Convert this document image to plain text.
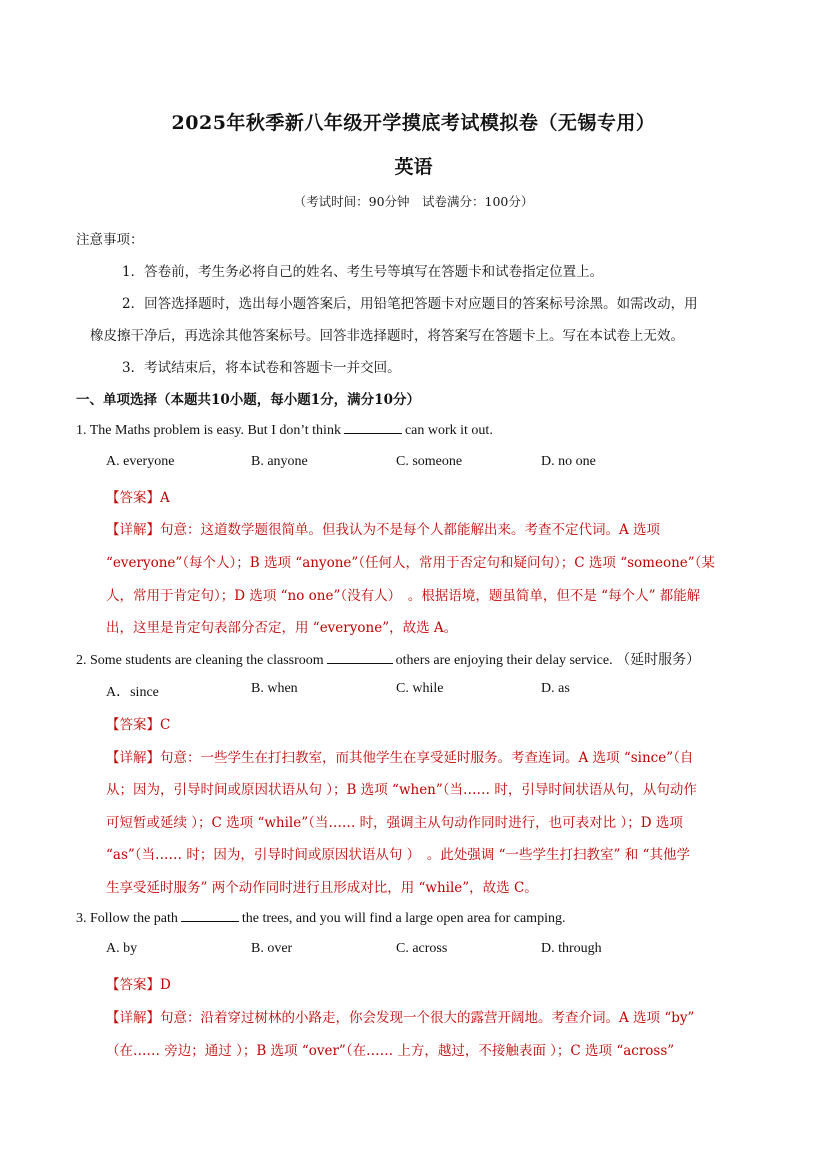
2025年秋季新八年级开学摸底考试模拟卷（无锡专用）
英语
（考试时间：90分钟　试卷满分：100分）
注意事项：
1．答卷前，考生务必将自己的姓名、考生号等填写在答题卡和试卷指定位置上。
2．回答选择题时，选出每小题答案后，用铅笔把答题卡对应题目的答案标号涂黑。如需改动，用
橡皮擦干净后，再选涂其他答案标号。回答非选择题时，将答案写在答题卡上。写在本试卷上无效。
3．考试结束后，将本试卷和答题卡一并交回。
一、单项选择（本题共10小题，每小题1分，满分10分）
1. The Maths problem is easy. But I don’t think	can work it out.
A. everyone	B. anyone	C. someone	D. no one
【答案】A
【详解】句意：这道数学题很简单。但我认为不是每个人都能解出来。考查不定代词。A 选项
“everyone”（每个人）；B 选项 “anyone”（任何人，常用于否定句和疑问句）；C 选项 “someone”（某
人，常用于肯定句）；D 选项 “no one”（没有人）　。根据语境，题虽简单，但不是 “每个人” 都能解
出，这里是肯定句表部分否定，用 “everyone”，故选 A。
2. Some students are cleaning the classroom	others are enjoying their delay service. （延时服务）
A．since	B. when	C. while	D. as
【答案】C
【详解】句意：一些学生在打扫教室，而其他学生在享受延时服务。考查连词。A 选项 “since”（自
从；因为，引导时间或原因状语从句 ）；B 选项 “when”（当…… 时，引导时间状语从句，从句动作
可短暂或延续 ）；C 选项 “while”（当…… 时，强调主从句动作同时进行，也可表对比 ）；D 选项
“as”（当…… 时；因为，引导时间或原因状语从句 ）　。此处强调 “一些学生打扫教室” 和 “其他学
生享受延时服务” 两个动作同时进行且形成对比，用 “while”，故选 C。
3. Follow the path	the trees, and you will find a large open area for camping.
A. by	B. over	C. across	D. through
【答案】D
【详解】句意：沿着穿过树林的小路走，你会发现一个很大的露营开阔地。考查介词。A 选项 “by”
（在…… 旁边；通过 ）；B 选项 “over”（在…… 上方，越过，不接触表面 ）；C 选项 “across”
